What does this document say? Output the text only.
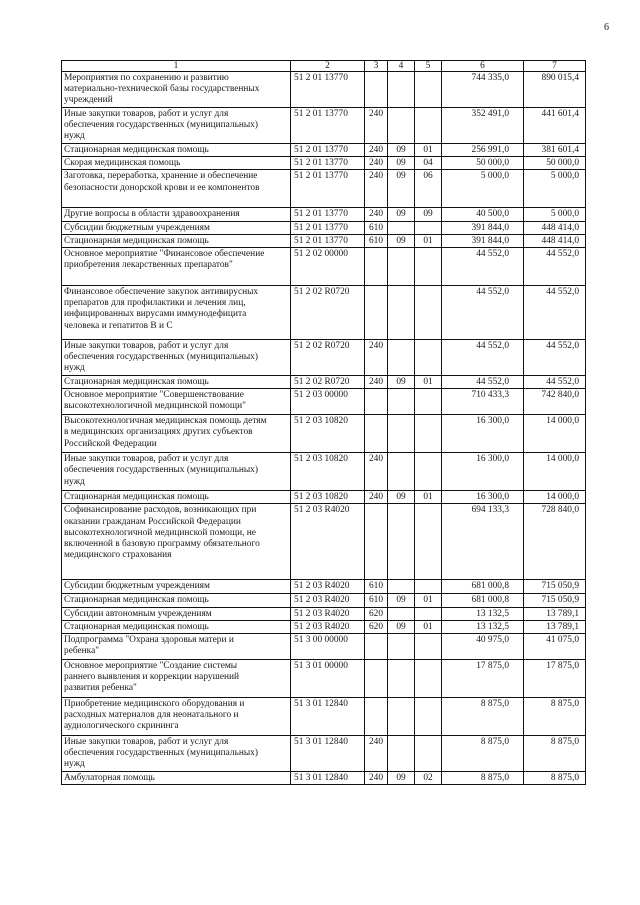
6
1	2	3	4	5	6	7
Мероприятия по сохранению и развитию
материально-технической базы государственных
учреждений	51 2 01 13770				744 335,0	890 015,4
Иные закупки товаров, работ и услуг для
обеспечения государственных (муниципальных)
нужд	51 2 01 13770	240			352 491,0	441 601,4
Стационарная медицинская помощь	51 2 01 13770	240	09	01	256 991,0	381 601,4
Скорая медицинская помощь	51 2 01 13770	240	09	04	50 000,0	50 000,0
Заготовка, переработка, хранение и обеспечение
безопасности донорской крови и ее компонентов	51 2 01 13770	240	09	06	5 000,0	5 000,0
Другие вопросы в области здравоохранения	51 2 01 13770	240	09	09	40 500,0	5 000,0
Субсидии бюджетным учреждениям	51 2 01 13770	610			391 844,0	448 414,0
Стационарная медицинская помощь	51 2 01 13770	610	09	01	391 844,0	448 414,0
Основное мероприятие "Финансовое обеспечение
приобретения лекарственных препаратов"	51 2 02 00000				44 552,0	44 552,0
Финансовое обеспечение закупок антивирусных
препаратов для профилактики и лечения лиц,
инфицированных вирусами иммунодефицита
человека и гепатитов В и С	51 2 02 R0720				44 552,0	44 552,0
Иные закупки товаров, работ и услуг для
обеспечения государственных (муниципальных)
нужд	51 2 02 R0720	240			44 552,0	44 552,0
Стационарная медицинская помощь	51 2 02 R0720	240	09	01	44 552,0	44 552,0
Основное мероприятие "Совершенствование
высокотехнологичной медицинской помощи"	51 2 03 00000				710 433,3	742 840,0
Высокотехнологичная медицинская помощь детям
в медицинских организациях других субъектов
Российской Федерации	51 2 03 10820				16 300,0	14 000,0
Иные закупки товаров, работ и услуг для
обеспечения государственных (муниципальных)
нужд	51 2 03 10820	240			16 300,0	14 000,0
Стационарная медицинская помощь	51 2 03 10820	240	09	01	16 300,0	14 000,0
Софинансирование расходов, возникающих при
оказании гражданам Российской Федерации
высокотехнологичной медицинской помощи, не
включенной в базовую программу обязательного
медицинского страхования	51 2 03 R4020				694 133,3	728 840,0
Субсидии бюджетным учреждениям	51 2 03 R4020	610			681 000,8	715 050,9
Стационарная медицинская помощь	51 2 03 R4020	610	09	01	681 000,8	715 050,9
Субсидии автономным учреждениям	51 2 03 R4020	620			13 132,5	13 789,1
Стационарная медицинская помощь	51 2 03 R4020	620	09	01	13 132,5	13 789,1
Подпрограмма "Охрана здоровья матери и
ребенка"	51 3 00 00000				40 975,0	41 075,0
Основное мероприятие "Создание системы
раннего выявления и коррекции нарушений
развития ребенка"	51 3 01 00000				17 875,0	17 875,0
Приобретение медицинского оборудования и
расходных материалов для неонатального и
аудиологического скрининга	51 3 01 12840				8 875,0	8 875,0
Иные закупки товаров, работ и услуг для
обеспечения государственных (муниципальных)
нужд	51 3 01 12840	240			8 875,0	8 875,0
Амбулаторная помощь	51 3 01 12840	240	09	02	8 875,0	8 875,0
